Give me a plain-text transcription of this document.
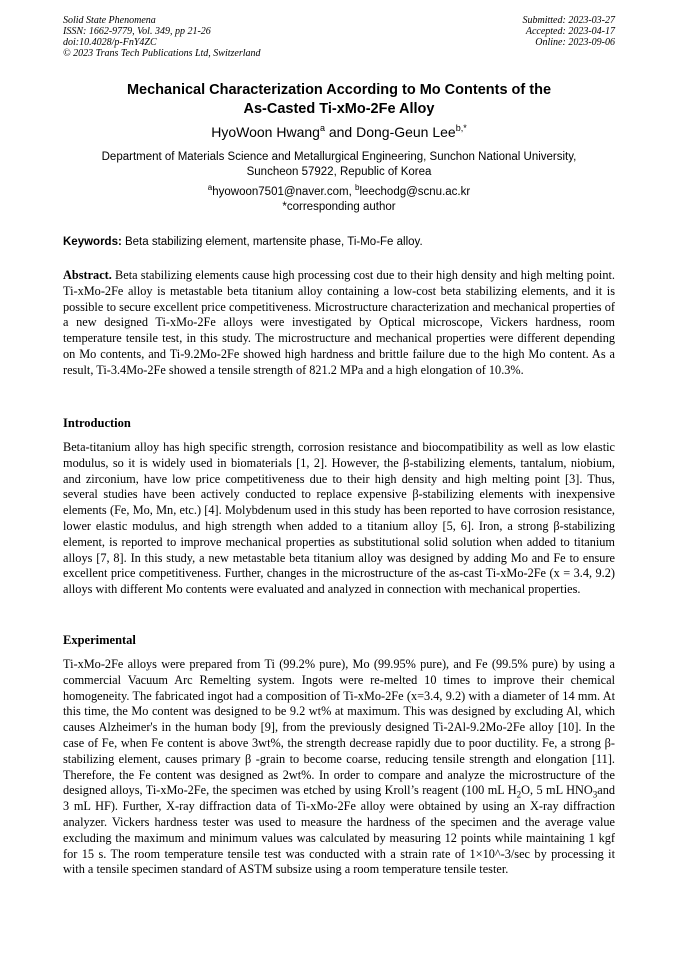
Solid State Phenomena
ISSN: 1662-9779, Vol. 349, pp 21-26
doi:10.4028/p-FnY4ZC
© 2023 Trans Tech Publications Ltd, Switzerland
Submitted: 2023-03-27
Accepted: 2023-04-17
Online: 2023-09-06
Mechanical Characterization According to Mo Contents of the
As-Casted Ti-xMo-2Fe Alloy
HyoWoon Hwang$^a$ and Dong-Geun Lee$^{b,*}$
Department of Materials Science and Metallurgical Engineering, Sunchon National University,
Suncheon 57922, Republic of Korea
$^a$hyowoon7501@naver.com, $^b$leechodg@scnu.ac.kr
*corresponding author
Keywords: Beta stabilizing element, martensite phase, Ti-Mo-Fe alloy.
Abstract. Beta stabilizing elements cause high processing cost due to their high density and high melting point. Ti-xMo-2Fe alloy is metastable beta titanium alloy containing a low-cost beta stabilizing elements, and it is possible to secure excellent price competitiveness. Microstructure characterization and mechanical properties of a new designed Ti-xMo-2Fe alloys were investigated by Optical microscope, Vickers hardness, room temperature tensile test, in this study. The microstructure and mechanical properties were different depending on Mo contents, and Ti-9.2Mo-2Fe showed high hardness and brittle failure due to the high Mo content. As a result, Ti-3.4Mo-2Fe showed a tensile strength of 821.2 MPa and a high elongation of 10.3%.
Introduction
Beta-titanium alloy has high specific strength, corrosion resistance and biocompatibility as well as low elastic modulus, so it is widely used in biomaterials [1, 2]. However, the β-stabilizing elements, tantalum, niobium, and zirconium, have low price competitiveness due to their high density and high melting point [3]. Thus, several studies have been actively conducted to replace expensive β-stabilizing elements with inexpensive elements (Fe, Mo, Mn, etc.) [4]. Molybdenum used in this study has been reported to have corrosion resistance, lower elastic modulus, and high strength when added to a titanium alloy [5, 6]. Iron, a strong β-stabilizing element, is reported to improve mechanical properties as substitutional solid solution when added to titanium alloys [7, 8]. In this study, a new metastable beta titanium alloy was designed by adding Mo and Fe to ensure excellent price competitiveness. Further, changes in the microstructure of the as-cast Ti-xMo-2Fe (x = 3.4, 9.2) alloys with different Mo contents were evaluated and analyzed in connection with mechanical properties.
Experimental
Ti-xMo-2Fe alloys were prepared from Ti (99.2% pure), Mo (99.95% pure), and Fe (99.5% pure) by using a commercial Vacuum Arc Remelting system. Ingots were re-melted 10 times to improve their chemical homogeneity. The fabricated ingot had a composition of Ti-xMo-2Fe (x=3.4, 9.2) with a diameter of 14 mm. At this time, the Mo content was designed to be 9.2 wt% at maximum. This was designed by excluding Al, which causes Alzheimer's in the human body [9], from the previously designed Ti-2Al-9.2Mo-2Fe alloy [10]. In the case of Fe, when Fe content is above 3wt%, the strength decrease rapidly due to poor ductility. Fe, a strong β-stabilizing element, causes primary β -grain to become coarse, reducing tensile strength and elongation [11]. Therefore, the Fe content was designed as 2wt%. In order to compare and analyze the microstructure of the designed alloys, Ti-xMo-2Fe, the specimen was etched by using Kroll’s reagent (100 mL $H_2O$, 5 mL $HNO_3and$ 3 mL HF). Further, X-ray diffraction data of Ti-xMo-2Fe alloy were obtained by using an X-ray diffraction analyzer. Vickers hardness tester was used to measure the hardness of the specimen and the average value excluding the maximum and minimum values was calculated by measuring 12 points while maintaining 1 kgf for 15 s. The room temperature tensile test was conducted with a strain rate of 1×10^-3/sec by processing it with a tensile specimen standard of ASTM subsize using a room temperature tensile tester.
